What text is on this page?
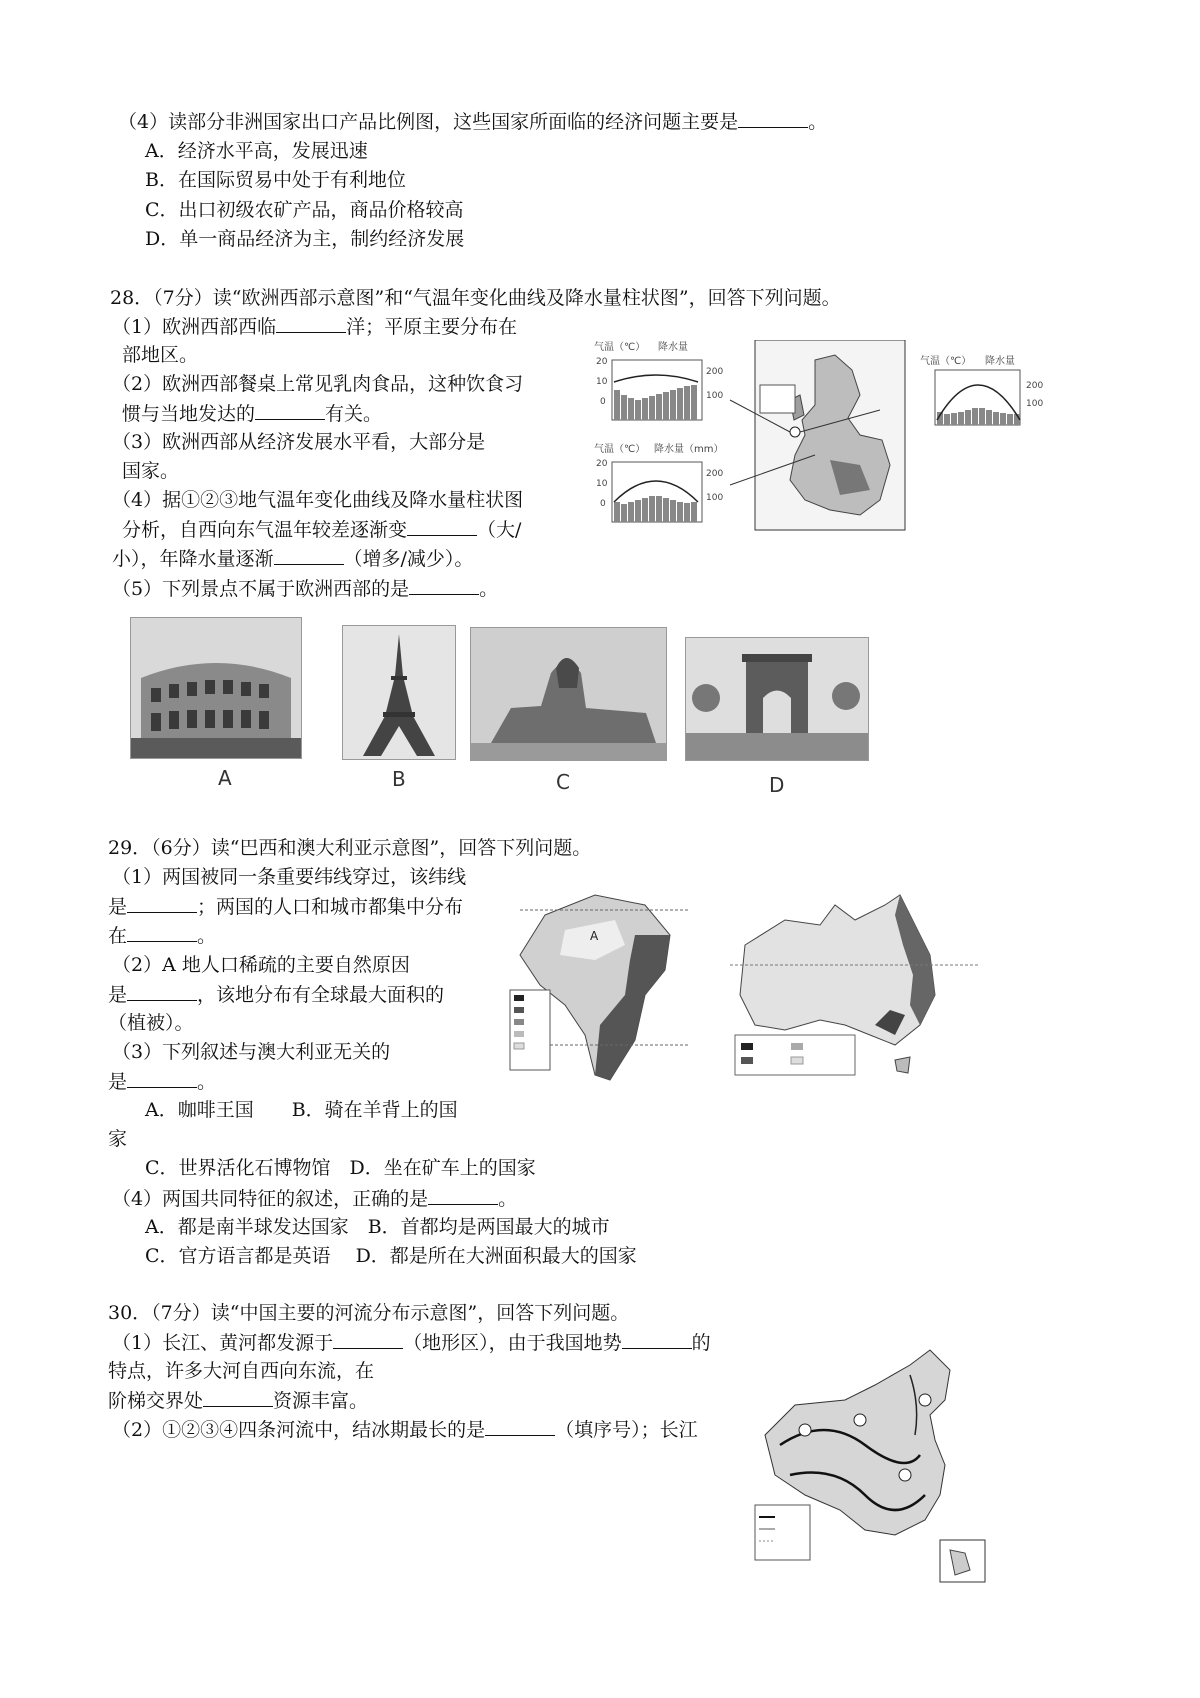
（4）读部分非洲国家出口产品比例图，这些国家所面临的经济问题主要是	。
A．经济水平高，发展迅速
B．在国际贸易中处于有利地位
C．出口初级农矿产品，商品价格较高
D．单一商品经济为主，制约经济发展
28．（7分）读“欧洲西部示意图”和“气温年变化曲线及降水量柱状图”，回答下列问题。
（1）欧洲西部西临	洋；平原主要分布在
部地区。
（2）欧洲西部餐桌上常见乳肉食品，这种饮食习
惯与当地发达的	有关。
（3）欧洲西部从经济发展水平看，大部分是
国家。
（4）据①②③地气温年变化曲线及降水量柱状图
分析，自西向东气温年较差逐渐变	（大/
小），年降水量逐渐	（增多/减少）。
（5）下列景点不属于欧洲西部的是	。
气温（℃） 降水量
20
10
0
200
100
气温（℃） 降水量（mm）
20
10
0
200
100
气温（℃） 降水量
200
100
A	B	C	D
29．（6分）读“巴西和澳大利亚示意图”，回答下列问题。
（1）两国被同一条重要纬线穿过，该纬线
是	；两国的人口和城市都集中分布
在	。
（2）A 地人口稀疏的主要自然原因
是	，该地分布有全球最大面积的
（植被）。
（3）下列叙述与澳大利亚无关的
是	。
A．咖啡王国　　B．骑在羊背上的国
家
C．世界活化石博物馆　D．坐在矿车上的国家
（4）两国共同特征的叙述，正确的是	。
A．都是南半球发达国家　B．首都均是两国最大的城市
C．官方语言都是英语　 D．都是所在大洲面积最大的国家
A
30．（7分）读“中国主要的河流分布示意图”，回答下列问题。
（1）长江、黄河都发源于	（地形区），由于我国地势	的
特点，许多大河自西向东流，在
阶梯交界处	资源丰富。
（2）①②③④四条河流中，结冰期最长的是	（填序号）；长江
